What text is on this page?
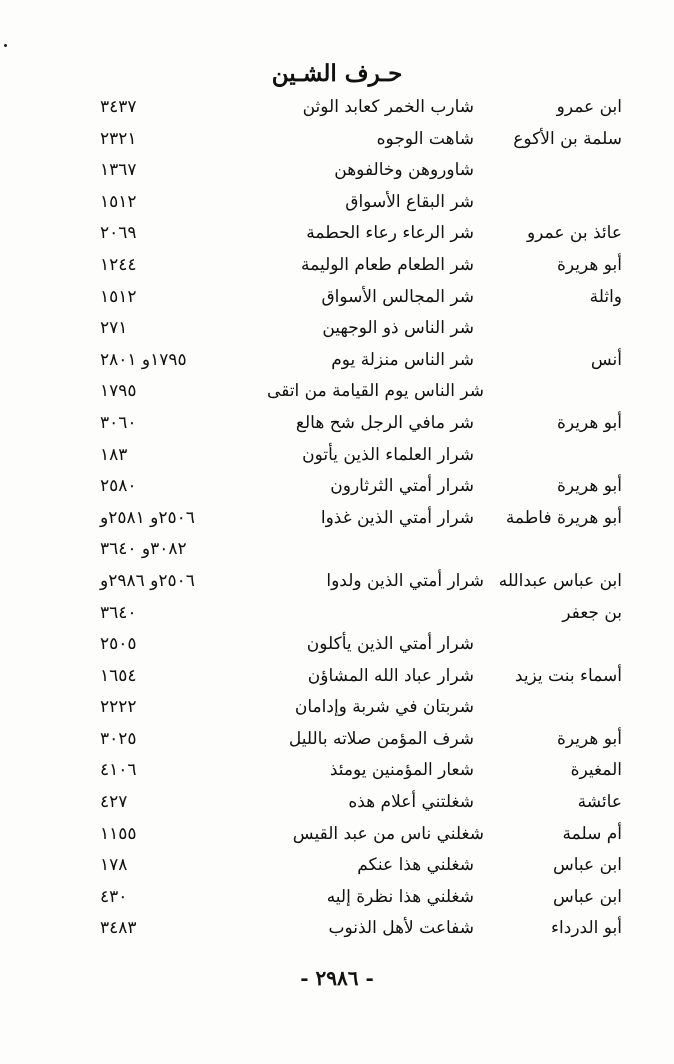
حـرف الشـين
ابن عمرو
شارب الخمر كعابد الوثن
٣٤٣٧
سلمة بن الأكوع
شاهت الوجوه
٢٣٢١
شاوروهن وخالفوهن
١٣٦٧
شر البقاع الأسواق
١٥١٢
عائذ بن عمرو
شر الرعاء رعاء الحطمة
٢٠٦٩
أبو هريرة
شر الطعام طعام الوليمة
١٢٤٤
واثلة
شر المجالس الأسواق
١٥١٢
شر الناس ذو الوجهين
٢٧١
أنس
شر الناس منزلة يوم
١٧٩٥و ٢٨٠١
شر الناس يوم القيامة من اتقى
١٧٩٥
أبو هريرة
شر مافي الرجل شح هالع
٣٠٦٠
شرار العلماء الذين يأتون
١٨٣
أبو هريرة
شرار أمتي الثرثارون
٢٥٨٠
أبو هريرة فاطمة
شرار أمتي الذين غذوا
٢٥٠٦و ٢٥٨١و
٣٠٨٢و ٣٦٤٠
ابن عباس عبدالله
شرار أمتي الذين ولدوا
٢٥٠٦و ٢٩٨٦و
بن جعفر
٣٦٤٠
شرار أمتي الذين يأكلون
٢٥٠٥
أسماء بنت يزيد
شرار عباد الله المشاؤن
١٦٥٤
شربتان في شربة وإدامان
٢٢٢٢
أبو هريرة
شرف المؤمن صلاته بالليل
٣٠٢٥
المغيرة
شعار المؤمنين يومئذ
٤١٠٦
عائشة
شغلتني أعلام هذه
٤٢٧
أم سلمة
شغلني ناس من عبد القيس
١١٥٥
ابن عباس
شغلني هذا عنكم
١٧٨
ابن عباس
شغلني هذا نظرة إليه
٤٣٠
أبو الدرداء
شفاعت لأهل الذنوب
٣٤٨٣
- ٢٩٨٦ -
